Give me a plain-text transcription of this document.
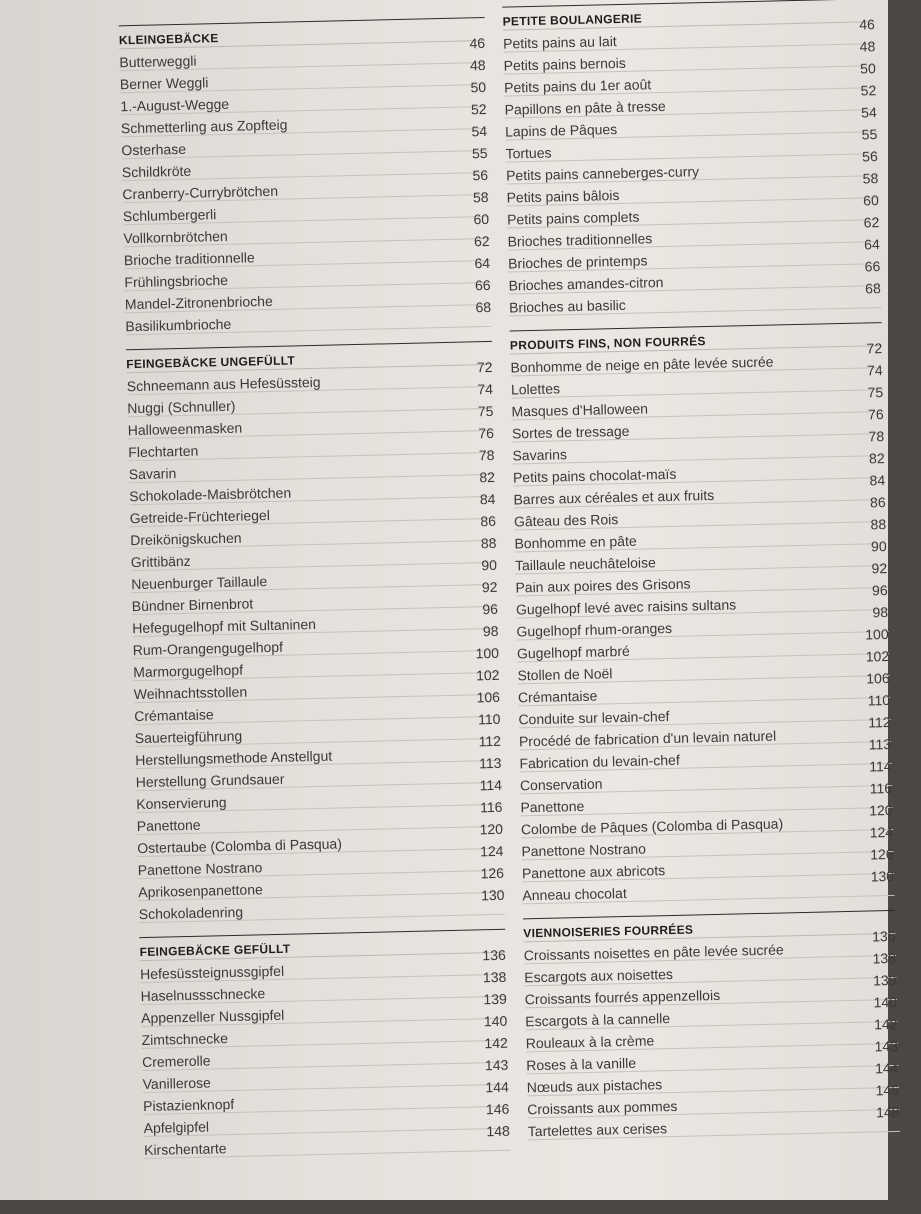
KLEINGEBÄCKE
Butterweggli
46
Berner Weggli
48
1.-August-Wegge
50
Schmetterling aus Zopfteig
52
Osterhase
54
Schildkröte
55
Cranberry-Currybrötchen
56
Schlumbergerli
58
Vollkornbrötchen
60
Brioche traditionnelle
62
Frühlingsbrioche
64
Mandel-Zitronenbrioche
66
Basilikumbrioche
68
FEINGEBÄCKE UNGEFÜLLT
Schneemann aus Hefesüssteig
72
Nuggi (Schnuller)
74
Halloweenmasken
75
Flechtarten
76
Savarin
78
Schokolade-Maisbrötchen
82
Getreide-Früchteriegel
84
Dreikönigskuchen
86
Grittibänz
88
Neuenburger Taillaule
90
Bündner Birnenbrot
92
Hefegugelhopf mit Sultaninen
96
Rum-Orangengugelhopf
98
Marmorgugelhopf
100
Weihnachtsstollen
102
Crémantaise
106
Sauerteigführung
110
Herstellungsmethode Anstellgut
112
Herstellung Grundsauer
113
Konservierung
114
Panettone
116
Ostertaube (Colomba di Pasqua)
120
Panettone Nostrano
124
Aprikosenpanettone
126
Schokoladenring
130
FEINGEBÄCKE GEFÜLLT
Hefesüssteignussgipfel
136
Haselnussschnecke
138
Appenzeller Nussgipfel
139
Zimtschnecke
140
Cremerolle
142
Vanillerose
143
Pistazienknopf
144
Apfelgipfel
146
Kirschentarte
148
PETITE BOULANGERIE
Petits pains au lait
46
Petits pains bernois
48
Petits pains du 1er août
50
Papillons en pâte à tresse
52
Lapins de Pâques
54
Tortues
55
Petits pains canneberges-curry
56
Petits pains bâlois
58
Petits pains complets
60
Brioches traditionnelles
62
Brioches de printemps
64
Brioches amandes-citron
66
Brioches au basilic
68
PRODUITS FINS, NON FOURRÉS
Bonhomme de neige en pâte levée sucrée
72
Lolettes
74
Masques d'Halloween
75
Sortes de tressage
76
Savarins
78
Petits pains chocolat-maïs
82
Barres aux céréales et aux fruits
84
Gâteau des Rois
86
Bonhomme en pâte
88
Taillaule neuchâteloise
90
Pain aux poires des Grisons
92
Gugelhopf levé avec raisins sultans
96
Gugelhopf rhum-oranges
98
Gugelhopf marbré
100
Stollen de Noël
102
Crémantaise
106
Conduite sur levain-chef
110
Procédé de fabrication d'un levain naturel
112
Fabrication du levain-chef
113
Conservation
114
Panettone
116
Colombe de Pâques (Colomba di Pasqua)
120
Panettone Nostrano
124
Panettone aux abricots
126
Anneau chocolat
130
VIENNOISERIES FOURRÉES
Croissants noisettes en pâte levée sucrée
136
Escargots aux noisettes
138
Croissants fourrés appenzellois
139
Escargots à la cannelle
140
Rouleaux à la crème
142
Roses à la vanille
143
Nœuds aux pistaches
144
Croissants aux pommes
146
Tartelettes aux cerises
148
